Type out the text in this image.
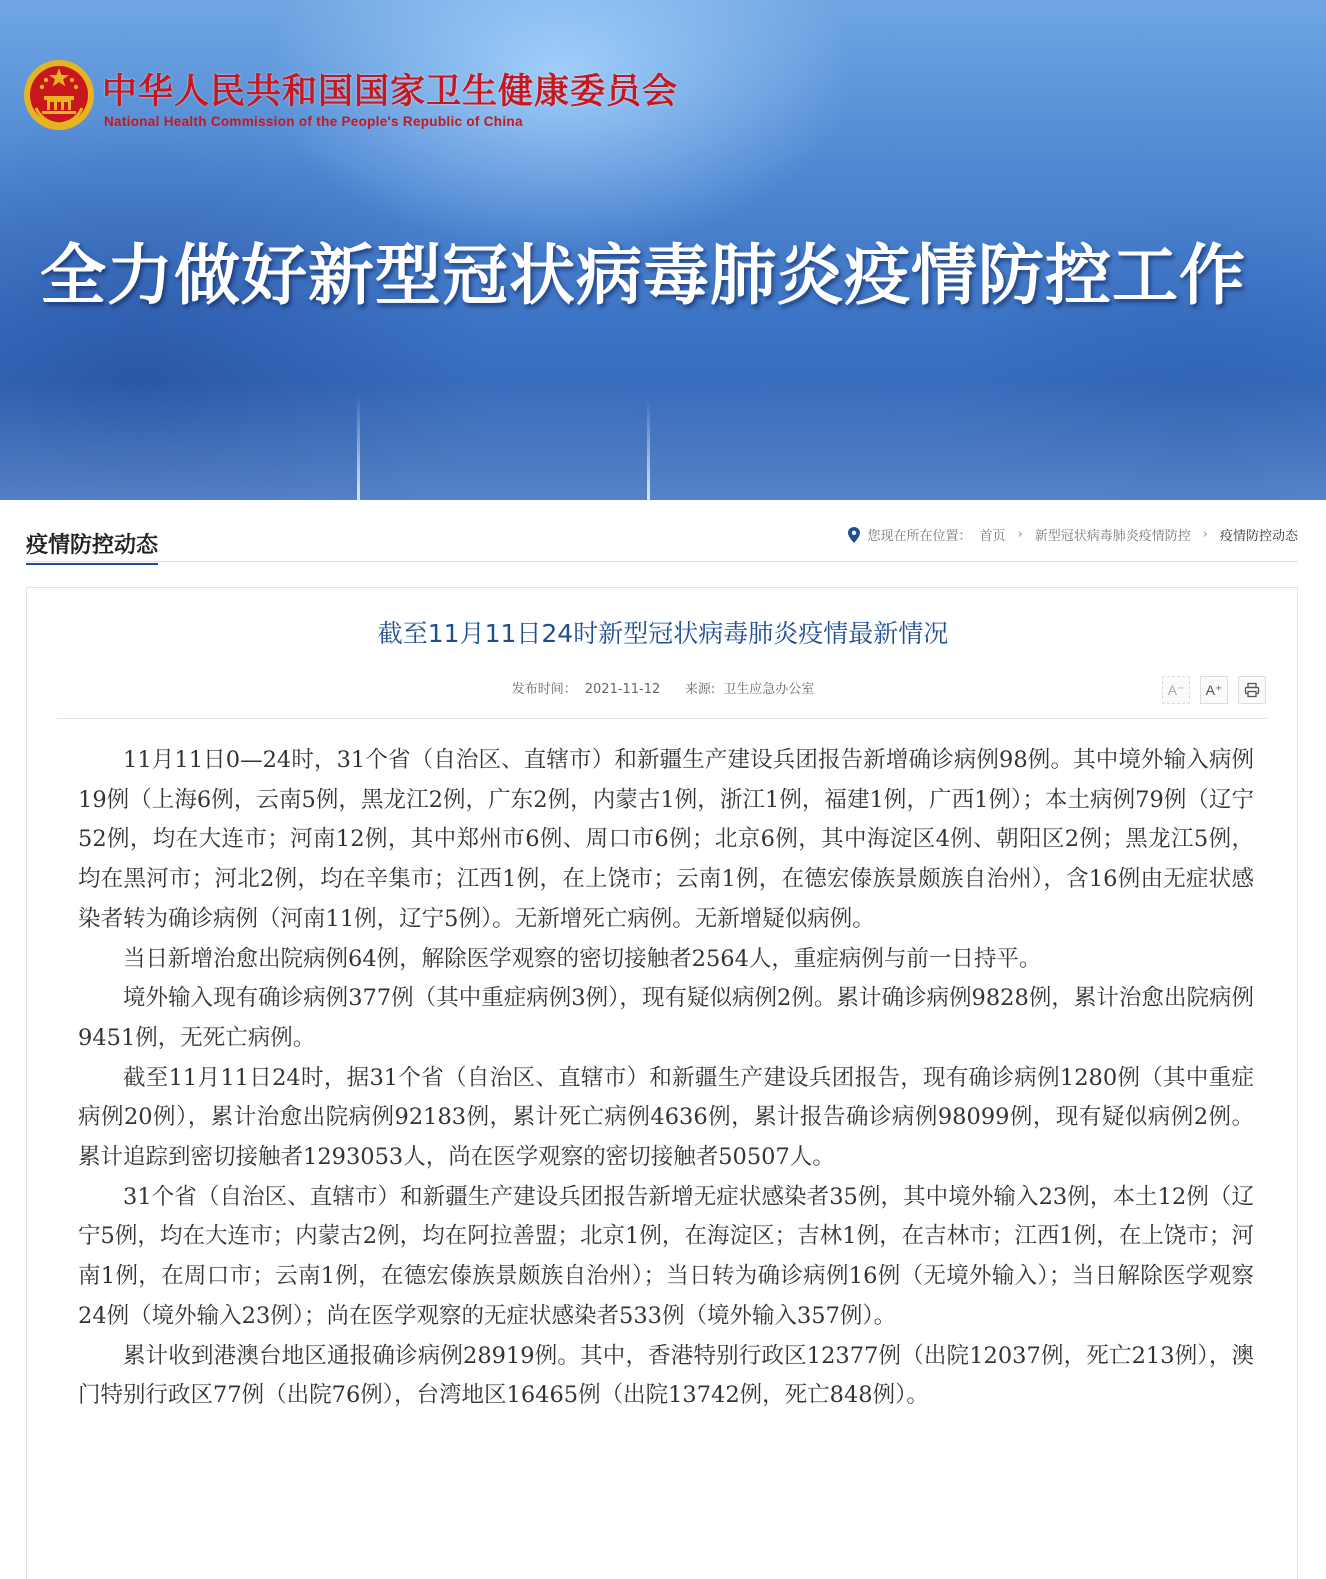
中华人民共和国国家卫生健康委员会
National Health Commission of the People's Republic of China
全力做好新型冠状病毒肺炎疫情防控工作
疫情防控动态	您现在所在位置： 首页 › 新型冠状病毒肺炎疫情防控 › 疫情防控动态
截至11月11日24时新型冠状病毒肺炎疫情最新情况
发布时间： 2021-11-12 来源: 卫生应急办公室	A⁻	A⁺

11月11日0—24时，31个省（自治区、直辖市）和新疆生产建设兵团报告新增确诊病例98例。其中境外输入病例19例（上海6例，云南5例，黑龙江2例，广东2例，内蒙古1例，浙江1例，福建1例，广西1例）；本土病例79例（辽宁52例，均在大连市；河南12例，其中郑州市6例、周口市6例；北京6例，其中海淀区4例、朝阳区2例；黑龙江5例，均在黑河市；河北2例，均在辛集市；江西1例，在上饶市；云南1例，在德宏傣族景颇族自治州），含16例由无症状感染者转为确诊病例（河南11例，辽宁5例）。无新增死亡病例。无新增疑似病例。

当日新增治愈出院病例64例，解除医学观察的密切接触者2564人，重症病例与前一日持平。

境外输入现有确诊病例377例（其中重症病例3例），现有疑似病例2例。累计确诊病例9828例，累计治愈出院病例9451例，无死亡病例。

截至11月11日24时，据31个省（自治区、直辖市）和新疆生产建设兵团报告，现有确诊病例1280例（其中重症病例20例），累计治愈出院病例92183例，累计死亡病例4636例，累计报告确诊病例98099例，现有疑似病例2例。累计追踪到密切接触者1293053人，尚在医学观察的密切接触者50507人。

31个省（自治区、直辖市）和新疆生产建设兵团报告新增无症状感染者35例，其中境外输入23例，本土12例（辽宁5例，均在大连市；内蒙古2例，均在阿拉善盟；北京1例，在海淀区；吉林1例，在吉林市；江西1例，在上饶市；河南1例，在周口市；云南1例，在德宏傣族景颇族自治州）；当日转为确诊病例16例（无境外输入）；当日解除医学观察24例（境外输入23例）；尚在医学观察的无症状感染者533例（境外输入357例）。

累计收到港澳台地区通报确诊病例28919例。其中，香港特别行政区12377例（出院12037例，死亡213例），澳门特别行政区77例（出院76例），台湾地区16465例（出院13742例，死亡848例）。
